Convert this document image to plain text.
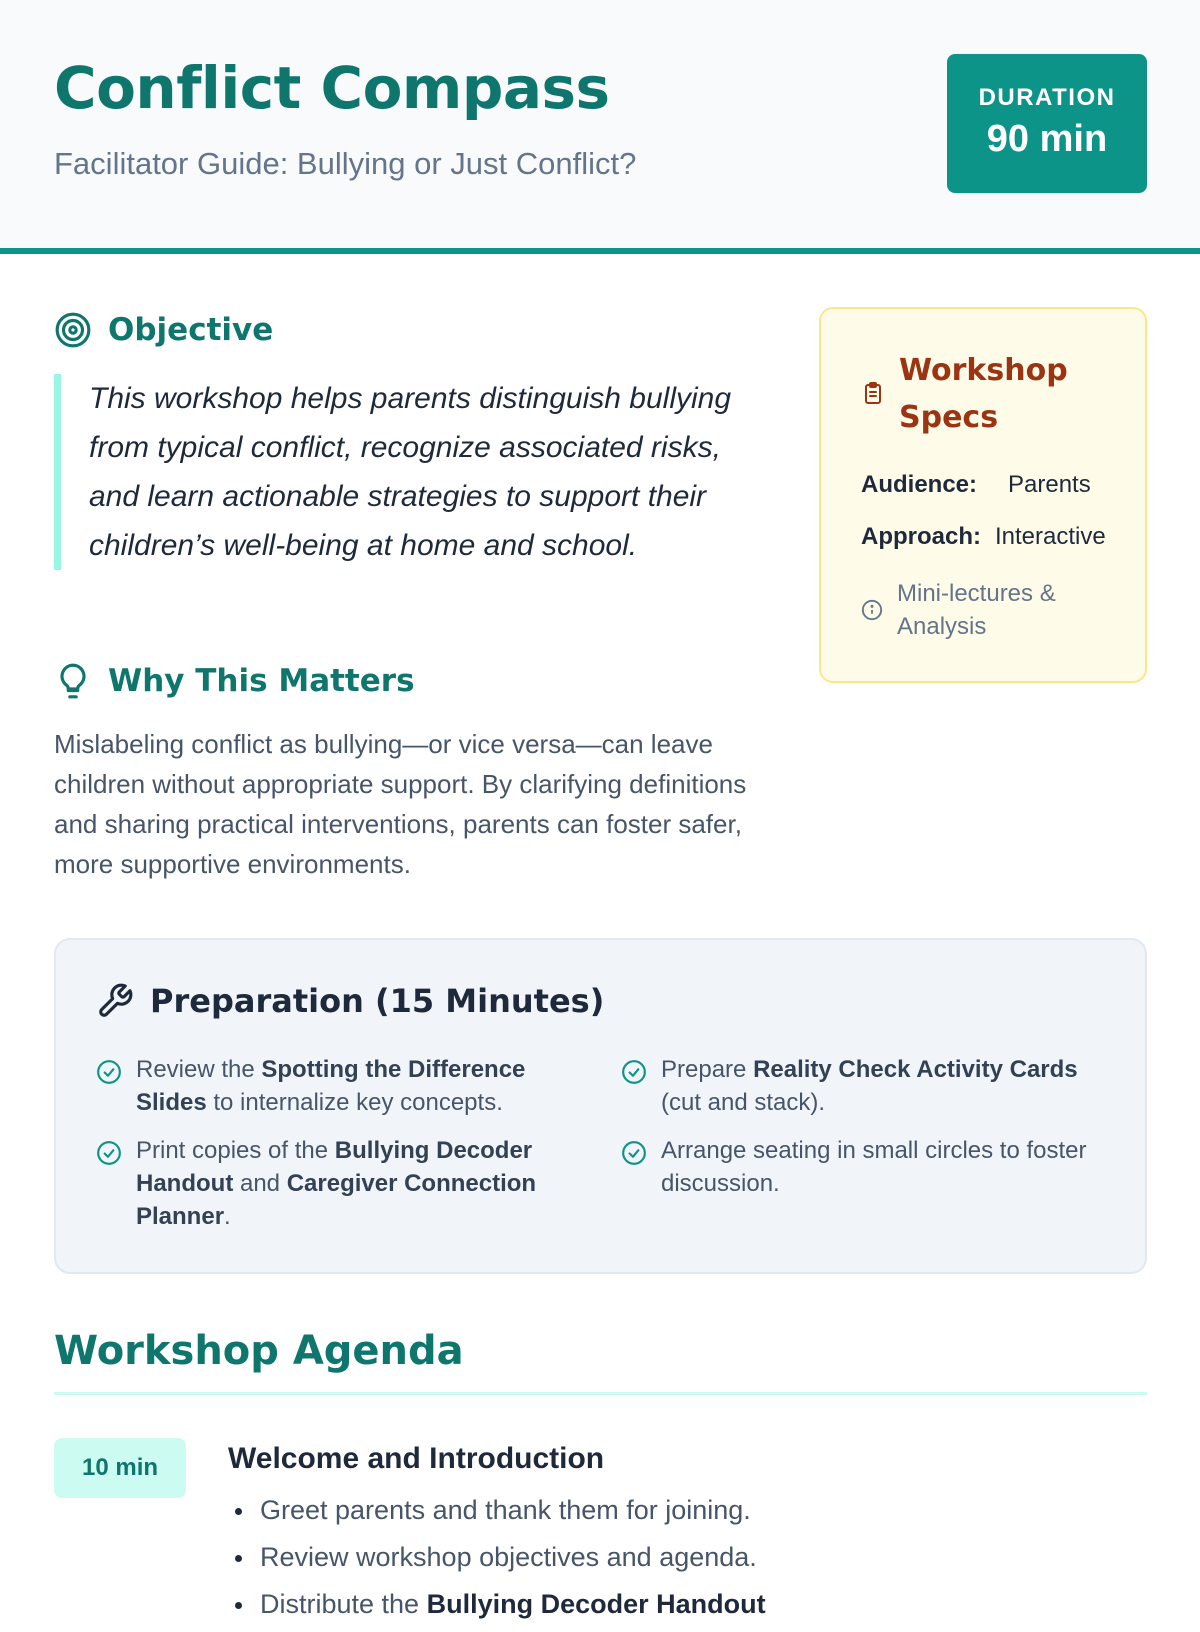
Conflict Compass
Facilitator Guide: Bullying or Just Conflict?
DURATION
90 min
Objective
This workshop helps parents distinguish bullying from typical conflict, recognize associated risks, and learn actionable strategies to support their children’s well-being at home and school.
Why This Matters
Mislabeling conflict as bullying—or vice versa—can leave children without appropriate support. By clarifying definitions and sharing practical interventions, parents can foster safer, more supportive environments.
Workshop
Specs
Audience: Parents
Approach: Interactive
Mini-lectures &
Analysis
Preparation (15 Minutes)
Review the Spotting the Difference
Slides to internalize key concepts.
Print copies of the Bullying Decoder
Handout and Caregiver Connection
Planner.
Prepare Reality Check Activity Cards
(cut and stack).
Arrange seating in small circles to foster
discussion.
Workshop Agenda
10 min	Welcome and Introduction
Greet parents and thank them for joining.
Review workshop objectives and agenda.
Distribute the Bullying Decoder Handout
